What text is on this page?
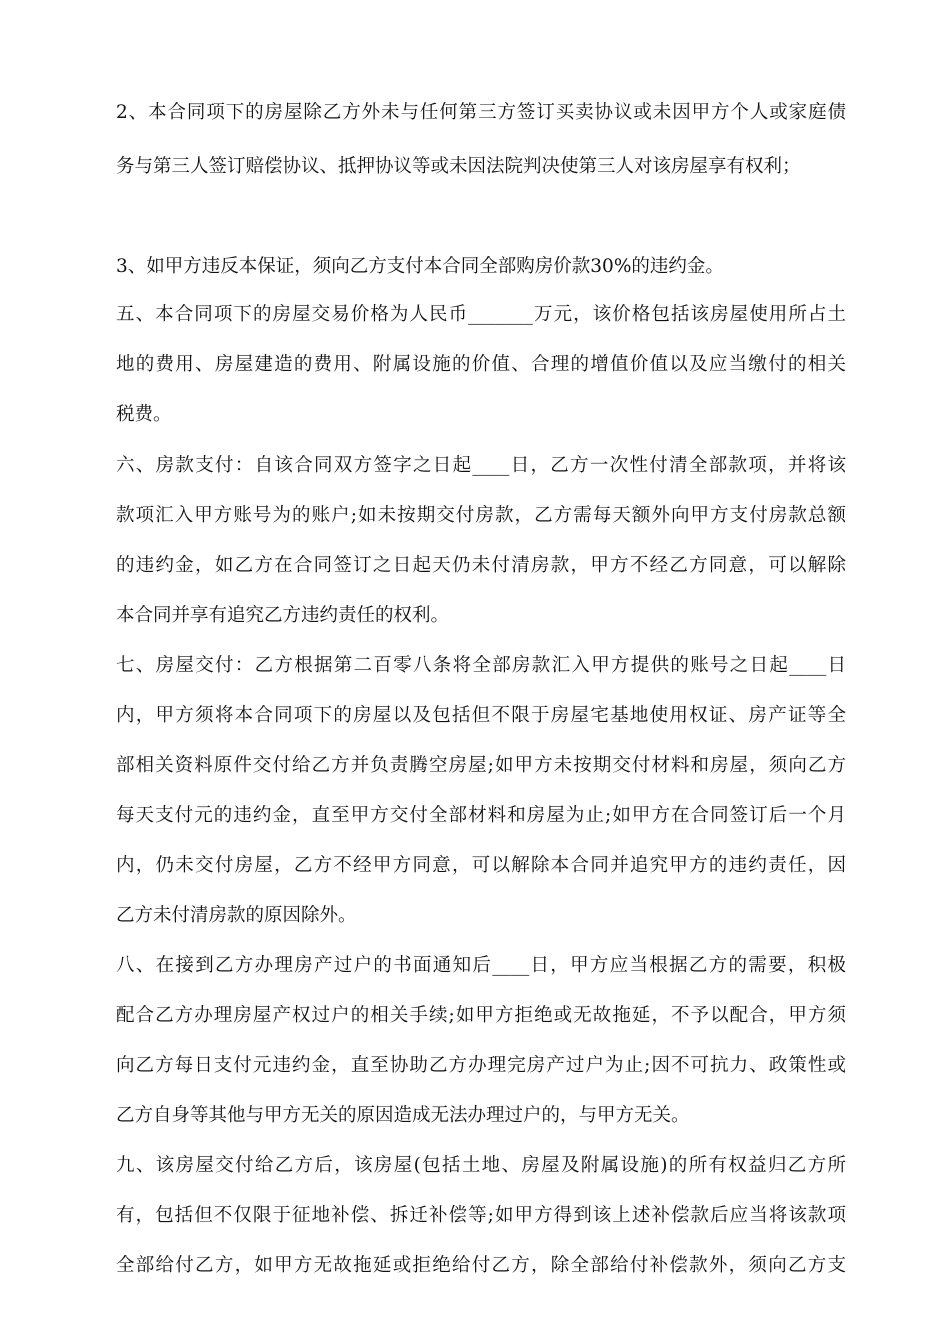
2、本合同项下的房屋除乙方外未与任何第三方签订买卖协议或未因甲方个人或家庭债
务与第三人签订赔偿协议、抵押协议等或未因法院判决使第三人对该房屋享有权利；
3、如甲方违反本保证，须向乙方支付本合同全部购房价款30%的违约金。
五、本合同项下的房屋交易价格为人民币_______万元，该价格包括该房屋使用所占土
地的费用、房屋建造的费用、附属设施的价值、合理的增值价值以及应当缴付的相关
税费。
六、房款支付：自该合同双方签字之日起____日，乙方一次性付清全部款项，并将该
款项汇入甲方账号为的账户;如未按期交付房款，乙方需每天额外向甲方支付房款总额
的违约金，如乙方在合同签订之日起天仍未付清房款，甲方不经乙方同意，可以解除
本合同并享有追究乙方违约责任的权利。
七、房屋交付：乙方根据第二百零八条将全部房款汇入甲方提供的账号之日起____日
内，甲方须将本合同项下的房屋以及包括但不限于房屋宅基地使用权证、房产证等全
部相关资料原件交付给乙方并负责腾空房屋;如甲方未按期交付材料和房屋，须向乙方
每天支付元的违约金，直至甲方交付全部材料和房屋为止;如甲方在合同签订后一个月
内，仍未交付房屋，乙方不经甲方同意，可以解除本合同并追究甲方的违约责任，因
乙方未付清房款的原因除外。
八、在接到乙方办理房产过户的书面通知后____日，甲方应当根据乙方的需要，积极
配合乙方办理房屋产权过户的相关手续;如甲方拒绝或无故拖延，不予以配合，甲方须
向乙方每日支付元违约金，直至协助乙方办理完房产过户为止;因不可抗力、政策性或
乙方自身等其他与甲方无关的原因造成无法办理过户的，与甲方无关。
九、该房屋交付给乙方后，该房屋(包括土地、房屋及附属设施)的所有权益归乙方所
有，包括但不仅限于征地补偿、拆迁补偿等;如甲方得到该上述补偿款后应当将该款项
全部给付乙方，如甲方无故拖延或拒绝给付乙方，除全部给付补偿款外，须向乙方支
